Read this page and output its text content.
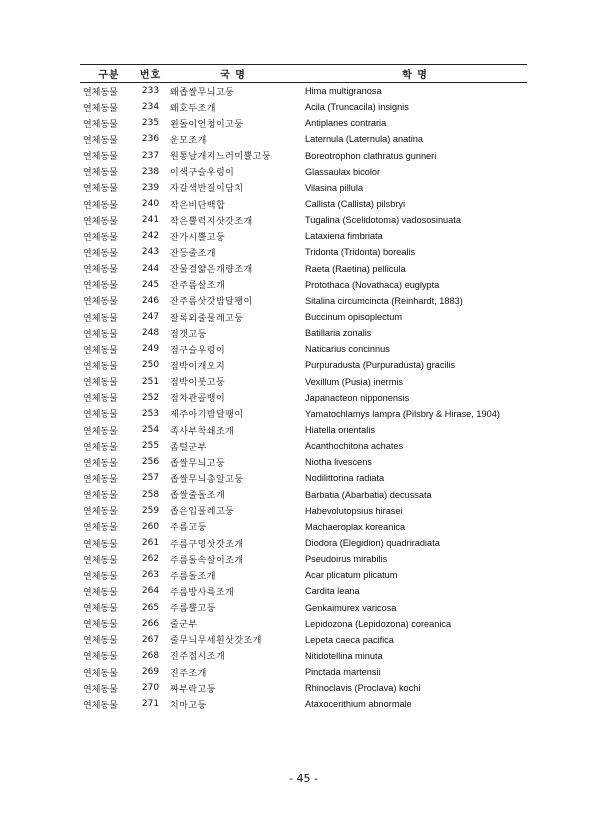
구분	번호	국 명	학 명
연체동물	233	왜좁쌀무늬고둥	Hima multigranosa
연체동물	234	왜호두조개	Acila (Truncacila) insignis
연체동물	235	왼돌이언청이고둥	Antiplanes contraria
연체동물	236	운모조개	Laternula (Laternula) anatina
연체동물	237	원통날개지느러미뿔고둥	Boreotrophon clathratus gunneri
연체동물	238	이색구슬우렁이	Glassaulax bicolor
연체동물	239	자갈색반질이담치	Vilasina pillula
연체동물	240	작은비단백합	Callista (Callista) pilsbryi
연체동물	241	작은뿔럭지삿갓조개	Tugalina (Scelidotoma) vadososinuata
연체동물	242	잔가시뿔고둥	Lataxiena fimbriata
연체동물	243	잔등줄조개	Tridonta (Tridonta) borealis
연체동물	244	잔물결얇은개량조개	Raeta (Raetina) pellicula
연체동물	245	잔주름살조개	Protothaca (Novathaca) euglypta
연체동물	246	잔주름삿갓밤달팽이	Sitalina circumcincta (Reinhardt, 1883)
연체동물	247	잘록외줄물레고둥	Buccinum opisoplectum
연체동물	248	점갯고둥	Batillaria zonalis
연체동물	249	점구슬우렁이	Naticarius concinnus
연체동물	250	점박이개오지	Purpuradusta (Purpuradusta) gracilis
연체동물	251	점박이붓고둥	Vexillum (Pusia) inermis
연체동물	252	점차관골뱅이	Japanacteon nipponensis
연체동물	253	제주아기밤달팽이	Yamatochlamys lampra (Pilsbry & Hirase, 1904)
연체동물	254	족사부착쇄조개	Hiatella orientalis
연체동물	255	좀털군부	Acanthochitona achates
연체동물	256	좁쌀무늬고둥	Niotha livescens
연체동물	257	좁쌀무늬총알고둥	Nodilittorina radiata
연체동물	258	좁쌀줄돌조개	Barbatia (Abarbatia) decussata
연체동물	259	좁은입물레고둥	Habevolutopsius hirasei
연체동물	260	주름고둥	Machaeroplax koreanica
연체동물	261	주름구멍삿갓조개	Diodora (Elegidion) quadriradiata
연체동물	262	주름돌속살이조개	Pseudoirus mirabilis
연체동물	263	주름돌조개	Acar plicatum plicatum
연체동물	264	주름방사륵조개	Cardita leana
연체동물	265	주름뿔고둥	Genkaimurex varicosa
연체동물	266	줄군부	Lepidozona (Lepidozona) coreanica
연체동물	267	줄무늬무세흰삿갓조개	Lepeta caeca pacifica
연체동물	268	진주접시조개	Nitidotellina minuta
연체동물	269	진주조개	Pinctada martensii
연체동물	270	짜부락고둥	Rhinoclavis (Proclava) kochi
연체동물	271	치마고둥	Ataxocerithium abnormale
- 45 -
